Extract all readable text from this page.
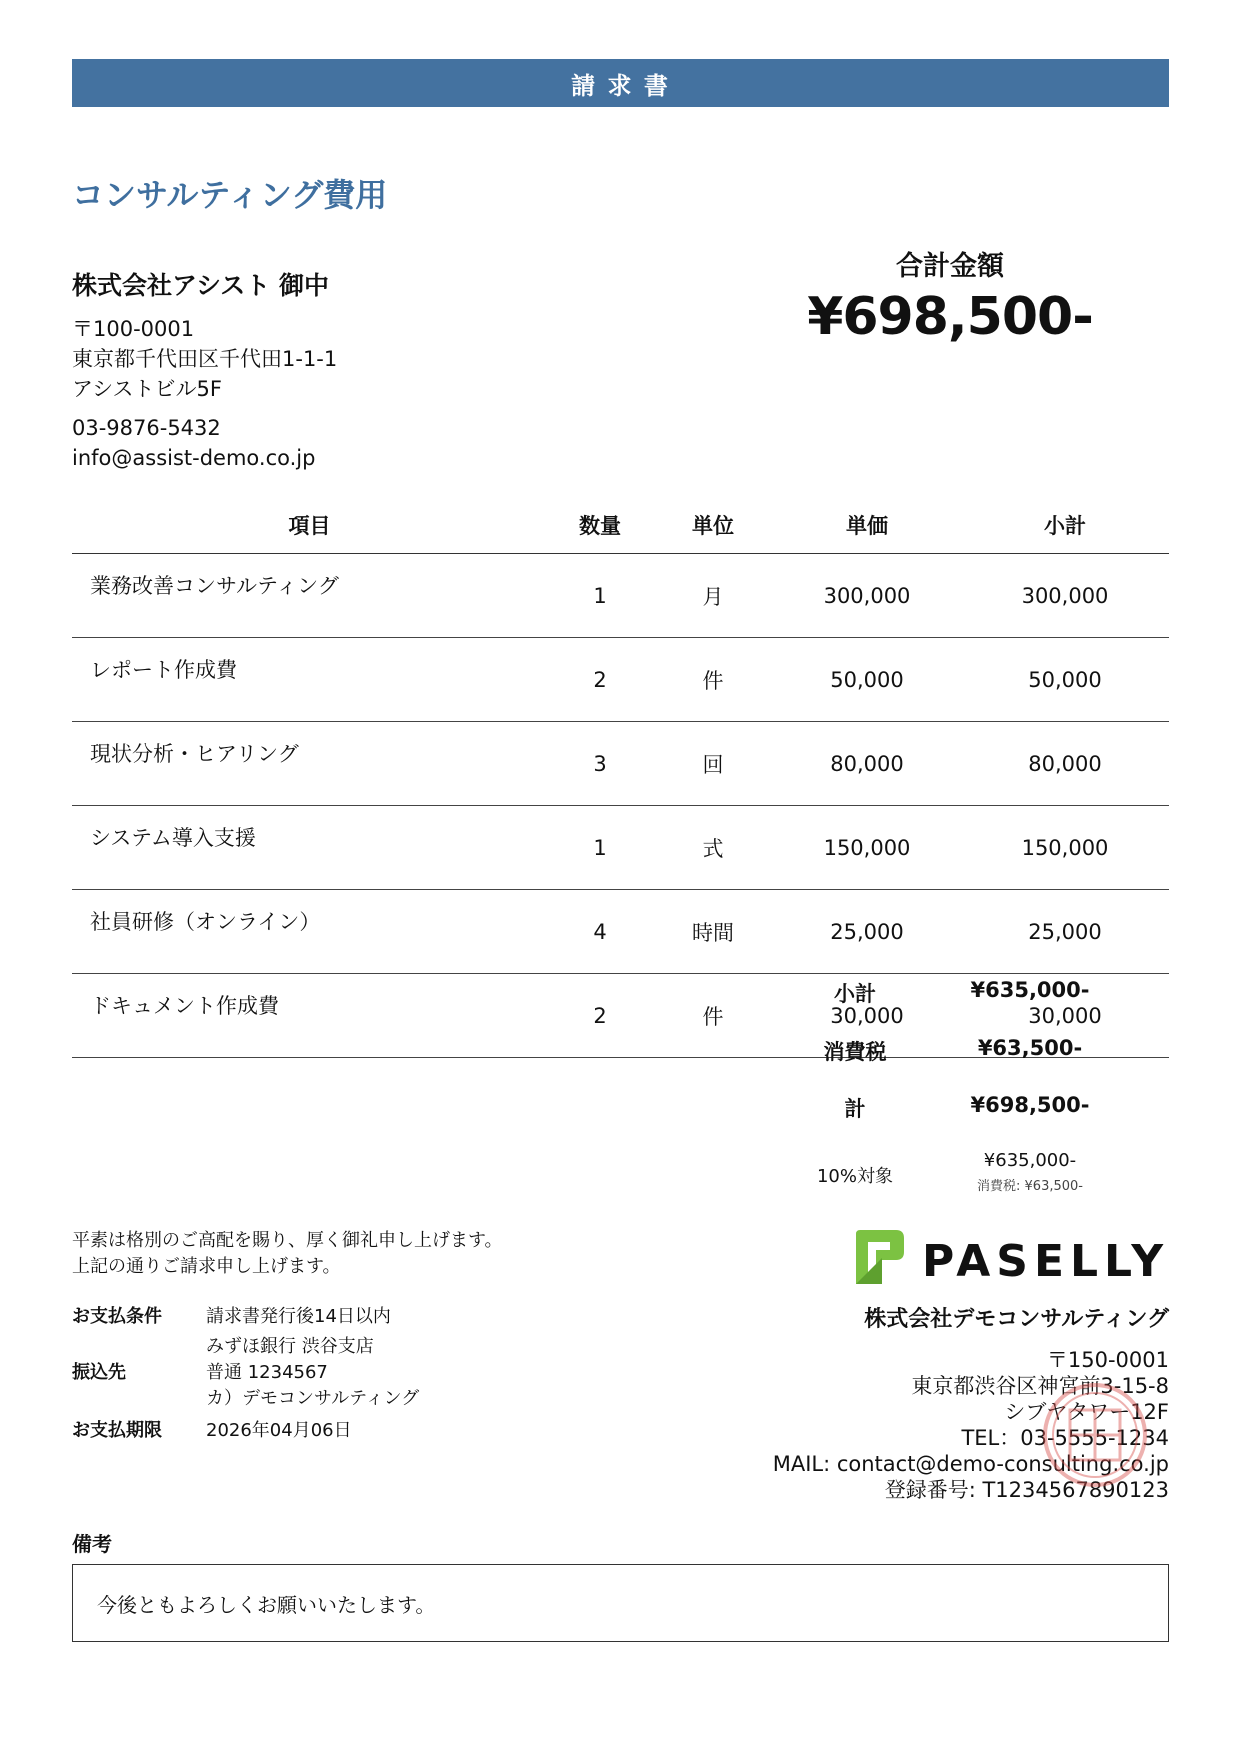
請 求 書
コンサルティング費用
株式会社アシスト 御中
〒100-0001
東京都千代田区千代田1-1-1
アシストビル5F
03-9876-5432
info@assist-demo.co.jp
合計金額
¥698,500-
項目	数量	単位	単価	小計
業務改善コンサルティング	1	月	300,000	300,000
レポート作成費	2	件	50,000	50,000
現状分析・ヒアリング	3	回	80,000	80,000
システム導入支援	1	式	150,000	150,000
社員研修（オンライン）	4	時間	25,000	25,000
ドキュメント作成費	2	件	30,000	30,000
小計	¥635,000-
消費税	¥63,500-
計	¥698,500-
10%対象
¥635,000-
消費税: ¥63,500-
平素は格別のご高配を賜り、厚く御礼申し上げます。
上記の通りご請求申し上げます。
お支払条件	請求書発行後14日以内
振込先
みずほ銀行 渋谷支店
普通 1234567
カ）デモコンサルティング
お支払期限	2026年04月06日
PASELLY
株式会社デモコンサルティング
〒150-0001
東京都渋谷区神宮前3-15-8
シブヤタワー12F
TEL：03-5555-1234
MAIL: contact@demo-consulting.co.jp
登録番号: T1234567890123
備考
今後ともよろしくお願いいたします。
